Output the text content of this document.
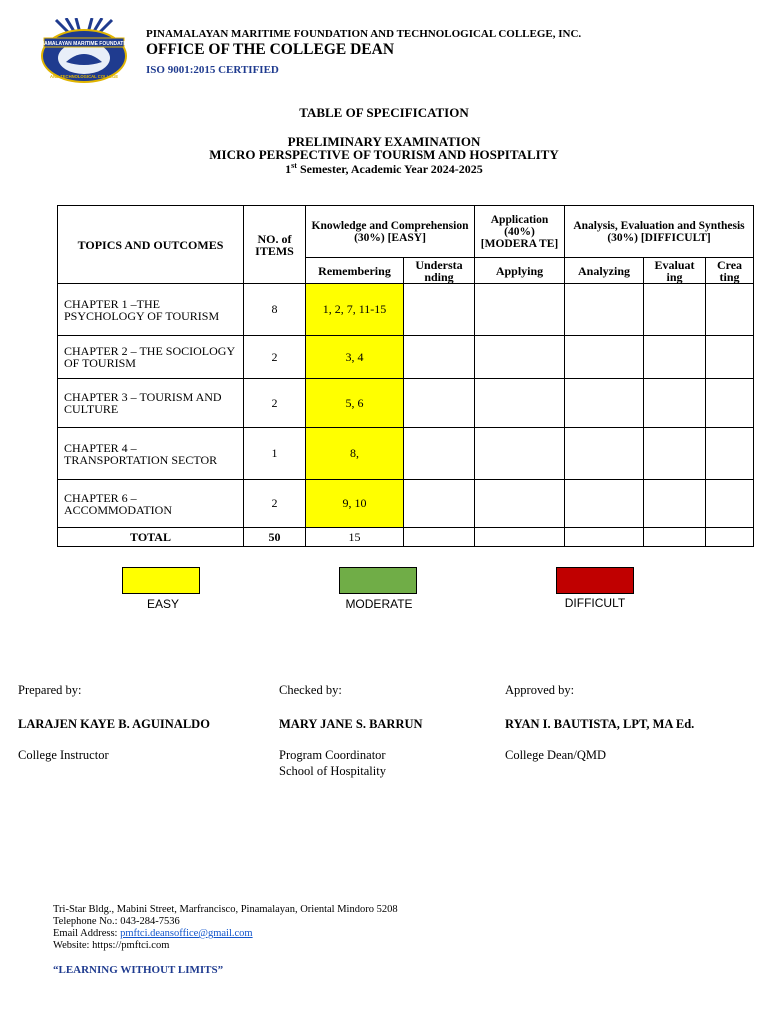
PINAMALAYAN MARITIME FOUNDATION
AND TECHNOLOGICAL COLLEGE
PINAMALAYAN MARITIME FOUNDATION AND TECHNOLOGICAL COLLEGE, INC.
OFFICE OF THE COLLEGE DEAN
ISO 9001:2015 CERTIFIED
TABLE OF SPECIFICATION
PRELIMINARY EXAMINATION
MICRO PERSPECTIVE OF TOURISM AND HOSPITALITY
1st Semester, Academic Year 2024-2025
TOPICS AND OUTCOMES	NO. of ITEMS	Knowledge and Comprehension (30%) [EASY]		Application (40%) [MODERA TE]	Analysis, Evaluation and Synthesis (30%) [DIFFICULT]		
		Remembering	Understa nding	Applying	Analyzing	Evaluat ing	Crea ting
CHAPTER 1 –THE PSYCHOLOGY OF TOURISM	8	1, 2, 7, 11-15					
CHAPTER 2 – THE SOCIOLOGY OF TOURISM	2	3, 4					
CHAPTER 3 – TOURISM AND CULTURE	2	5, 6					
CHAPTER 4 – TRANSPORTATION SECTOR	1	8,					
CHAPTER 6 – ACCOMMODATION	2	9, 10					
TOTAL	50	15					
EASY	MODERATE	DIFFICULT
Prepared by:
LARAJEN KAYE B. AGUINALDO
College Instructor
Checked by:
MARY JANE S. BARRUN
Program Coordinator
School of Hospitality
Approved by:
RYAN I. BAUTISTA, LPT, MA Ed.
College Dean/QMD
Tri-Star Bldg., Mabini Street, Marfrancisco, Pinamalayan, Oriental Mindoro 5208
Telephone No.: 043-284-7536
Email Address: pmftci.deansoffice@gmail.com
Website: https://pmftci.com
“LEARNING WITHOUT LIMITS”
